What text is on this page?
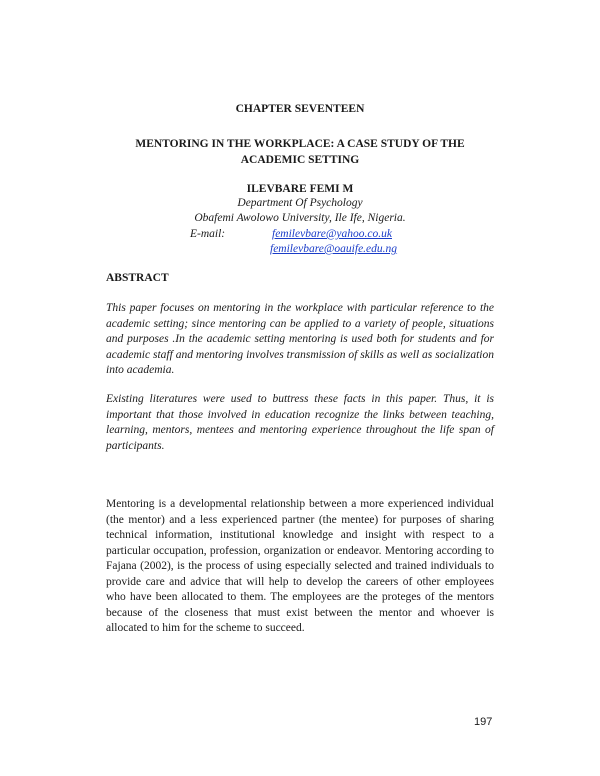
CHAPTER SEVENTEEN
MENTORING IN THE WORKPLACE: A CASE STUDY OF THE
ACADEMIC SETTING
ILEVBARE FEMI M
Department Of Psychology
Obafemi Awolowo University, Ile Ife, Nigeria.
E-mail:	femilevbare@yahoo.co.uk
femilevbare@oauife.edu.ng
ABSTRACT

This paper focuses on mentoring in the workplace with particular reference to the academic setting; since mentoring can be applied to a variety of people, situations and purposes .In the academic setting mentoring is used both for students and for academic staff and mentoring involves transmission of skills as well as socialization into academia.

Existing literatures were used to buttress these facts in this paper. Thus, it is important that those involved in education recognize the links between teaching, learning, mentors, mentees and mentoring experience throughout the life span of participants.

Mentoring is a developmental relationship between a more experienced individual (the mentor) and a less experienced partner (the mentee) for purposes of sharing technical information, institutional knowledge and insight with respect to a particular occupation, profession, organization or endeavor. Mentoring according to Fajana (2002), is the process of using especially selected and trained individuals to provide care and advice that will help to develop the careers of other employees who have been allocated to them. The employees are the proteges of the mentors because of the closeness that must exist between the mentor and whoever is allocated to him for the scheme to succeed.

197
